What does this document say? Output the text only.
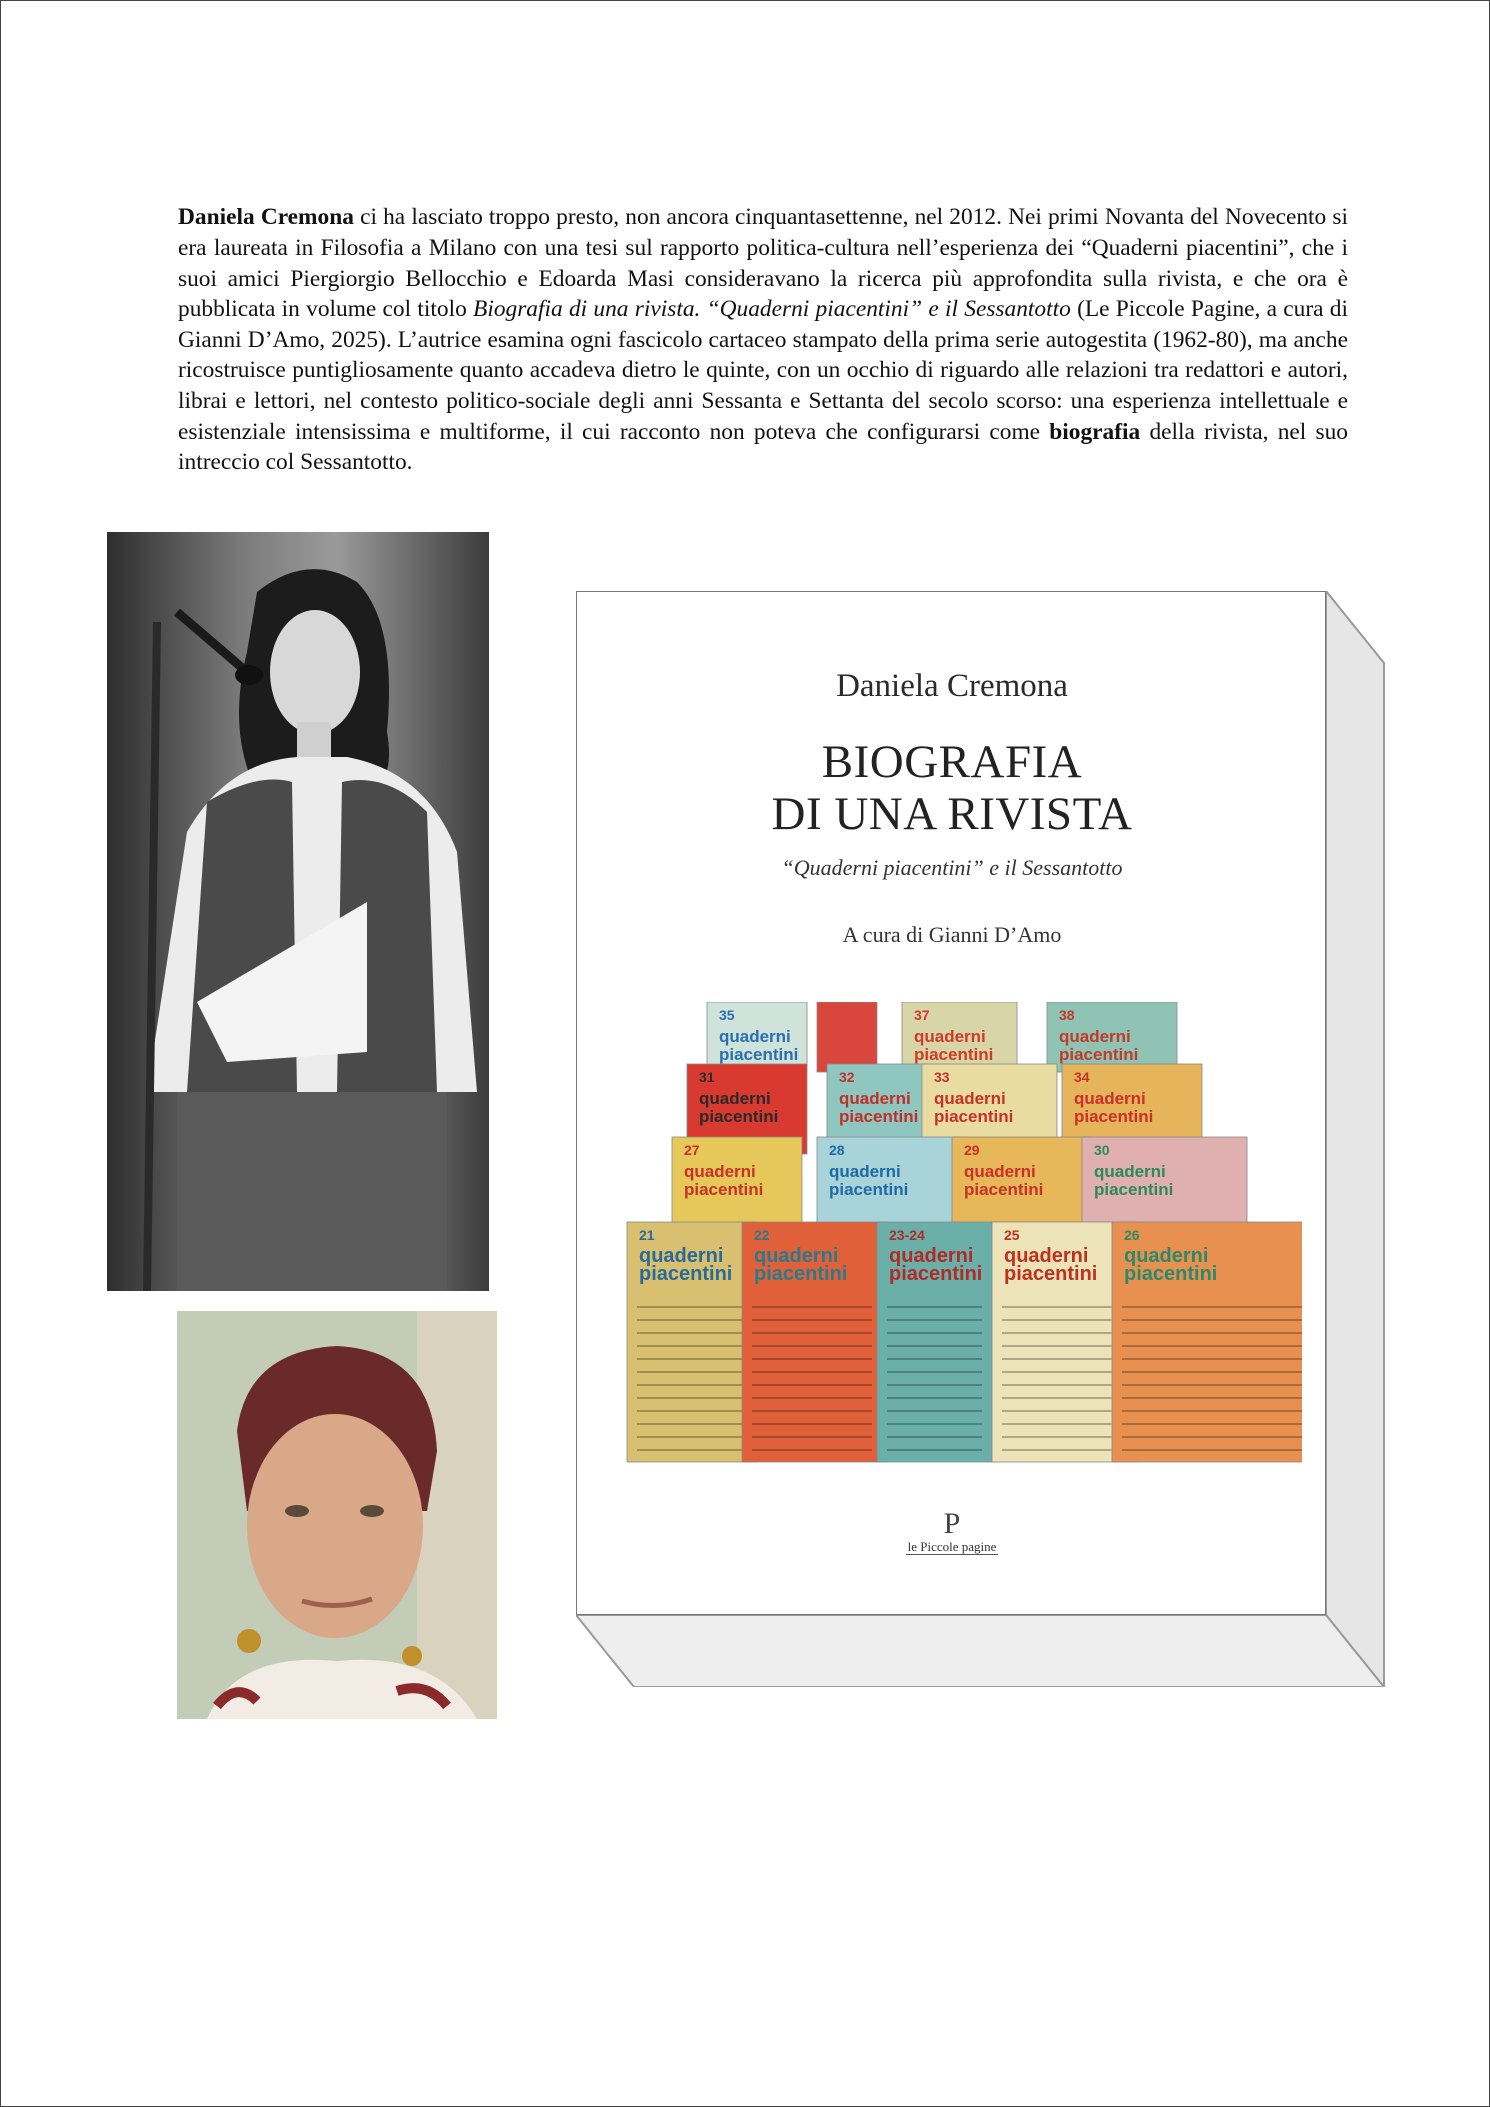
Daniela Cremona ci ha lasciato troppo presto, non ancora cinquantasettenne, nel 2012. Nei primi Novanta del Novecento si era laureata in Filosofia a Milano con una tesi sul rapporto politica-cultura nell’esperienza dei “Quaderni piacentini”, che i suoi amici Piergiorgio Bellocchio e Edoarda Masi consideravano la ricerca più approfondita sulla rivista, e che ora è pubblicata in volume col titolo Biografia di una rivista. “Quaderni piacentini” e il Sessantotto (Le Piccole Pagine, a cura di Gianni D’Amo, 2025). L’autrice esamina ogni fascicolo cartaceo stampato della prima serie autogestita (1962-80), ma anche ricostruisce puntigliosamente quanto accadeva dietro le quinte, con un occhio di riguardo alle relazioni tra redattori e autori, librai e lettori, nel contesto politico-sociale degli anni Sessanta e Settanta del secolo scorso: una esperienza intellettuale e esistenziale intensissima e multiforme, il cui racconto non poteva che configurarsi come biografia della rivista, nel suo intreccio col Sessantotto.

Daniela Cremona
BIOGRAFIA
DI UNA RIVISTA
“Quaderni piacentini” e il Sessantotto
A cura di Gianni D’Amo
35
quaderni
piacentini
37
quaderni
piacentini
38
quaderni
piacentini
31
quaderni
piacentini
32
quaderni
piacentini
33
quaderni
piacentini
34
quaderni
piacentini
27
quaderni
piacentini
28
quaderni
piacentini
29
quaderni
piacentini
30
quaderni
piacentini
21
quaderni
piacentini
22
quaderni
piacentini
23-24
quaderni
piacentini
25
quaderni
piacentini
26
quaderni
piacentini
P
le Piccole pagine
